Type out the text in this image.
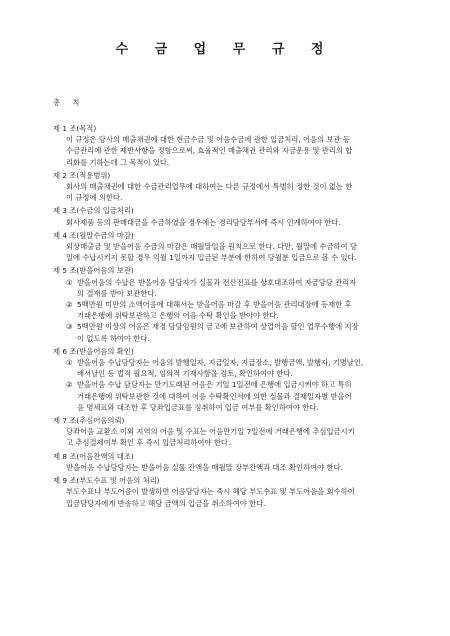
수 금 업 무 규 정
총 칙
제 1 조(목적)
이 규정은 당사의 매출채권에 대한 현금수금 및 어음수금에 관한 입금처리, 어음의 보관 등
수금관리에 관한 제반사항을 정함으로써, 효율적인 매출채권 관리와 자금운용 및 관리의 합
리화를 기하는데 그 목적이 있다.
제 2 조(적용범위)
회사의 매출채권에 대한 수금관리업무에 대하여는 다른 규정에서 특별히 정한 것이 없는 한
이 규정에 의한다.
제 3 조(수금의 입금처리)
회사제품 등의 판매대금을 수금하였을 경우에는 경리담당부서에 즉시 인계하여야 한다.
제 4 조(월말수금의 마감)
외상매출금 및 받을어음 수금의 마감은 매월말일을 원칙으로 한다. 다만, 월말에 수금하여 당
일에 수납시키지 못할 경우 익월 1일까지 입금된 부분에 한하여 당월분 입금으로 볼 수 있다.
제 5 조(받을어음의 보관)
① 받을어음의 수납은 받을어음 담당자가 실물과 전산전표를 상호대조하여 자금담당 관리자
의 결재를 받아 보관한다.
② 5백만원 미만의 소액어음에 대해서는 받을어음 마감 후 받을어음 관리대장에 등재한 후
거래은행에 위탁보관하고 은행의 어음 수탁 확인을 받아야 한다.
③ 5백만원 이상의 어음은 재경 담당임원의 금고에 보관하여 상업어음 할인 업무수행에 지장
이 없도록 하여야 한다.
제 6 조(받을어음의 확인)
① 받을어음 수납담당자는 어음의 발행일자, 지급일자, 지급장소, 발행금액, 발행자, 기명날인,
배서날인 등 법적 필요적, 임의적 기재사항을 검토, 확인하여야 한다.
② 받을어음 수납 담당자는 만기도래된 어음은 기일 1일전에 은행에 입금시켜야 하고 특히
거래은행에 위탁보관한 것에 대하여 어음 수탁확인서에 의한 실물과 결재일자별 받을어
음 명세표와 대조한 후 당좌입금표를 징취하여 입금 여부를 확인하여야 한다.
제 7 조(추심어음의뢰)
당좌어음 교환소 이외 지역의 어음 및 수표는 어음만기일 7일전에 거래은행에 추심입금시키
고 추심결제여부 확인 후 즉시 입금처리하여야 한다.
제 8 조(어음잔액의 대조)
받을어음 수납담당자는 받을어음 실물 잔액을 매월말 장부잔액과 대조 확인하여야 한다.
제 9 조(부도수표 및 어음의 처리)
부도수표나 부도어음이 발생하면 어음담당자는 즉시 해당 부도수표 및 부도어음을 회수하여
입금담당자에게 반송하고 해당 금액의 입금을 취소하여야 한다.
